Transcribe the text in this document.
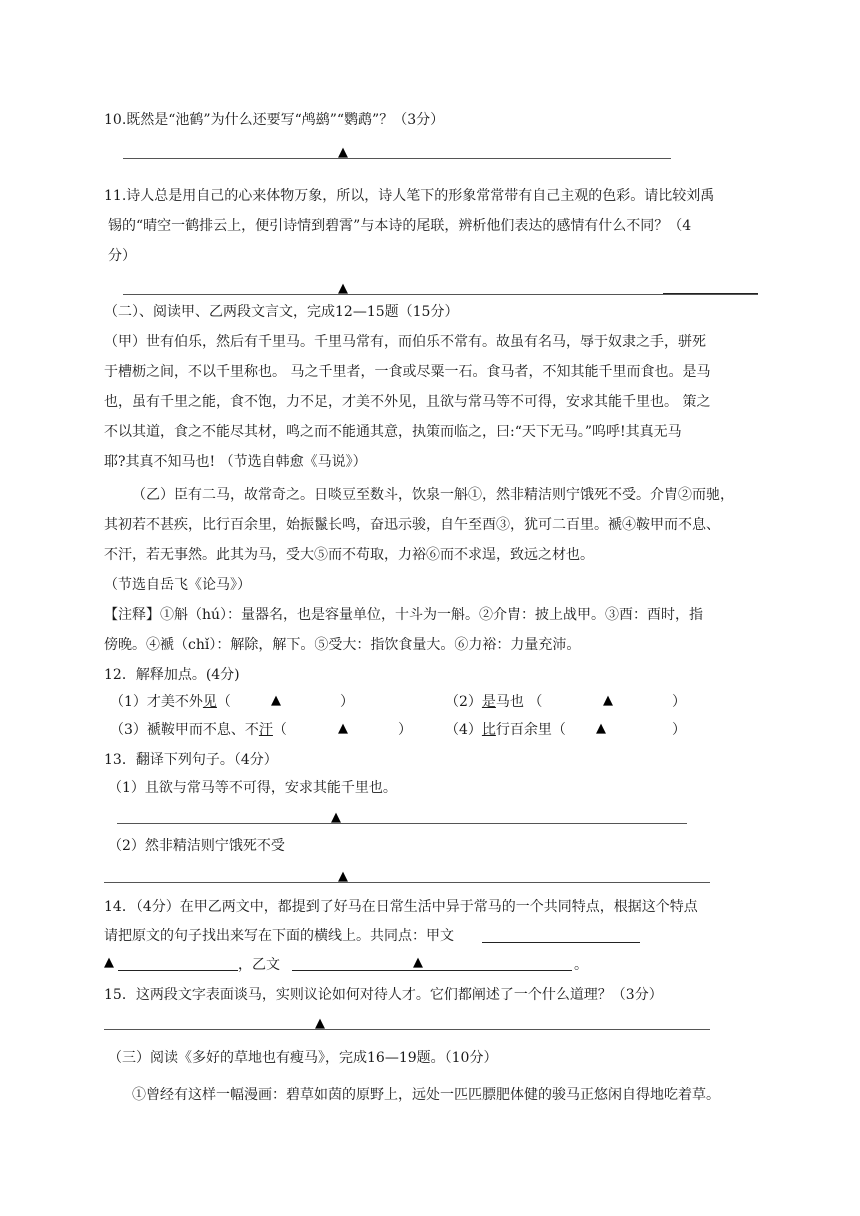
10.既然是“池鹤”为什么还要写“鸬鹚”“鹦鹉”？（3分）
▲
11.诗人总是用自己的心来体物万象，所以，诗人笔下的形象常常带有自己主观的色彩。请比较刘禹
锡的“晴空一鹤排云上，便引诗情到碧霄”与本诗的尾联，辨析他们表达的感情有什么不同？（4
分）
▲
（二）、阅读甲、乙两段文言文，完成12—15题（15分）
（甲）世有伯乐，然后有千里马。千里马常有，而伯乐不常有。故虽有名马，辱于奴隶之手，骈死
于槽枥之间，不以千里称也。 马之千里者，一食或尽粟一石。食马者，不知其能千里而食也。是马
也，虽有千里之能，食不饱，力不足，才美不外见，且欲与常马等不可得，安求其能千里也。 策之
不以其道，食之不能尽其材，鸣之而不能通其意，执策而临之，曰:“天下无马。”呜呼!其真无马
耶?其真不知马也! （节选自韩愈《马说》）
（乙）臣有二马，故常奇之。日啖豆至数斗，饮泉一斛①，然非精洁则宁饿死不受。介胄②而驰，
其初若不甚疾，比行百余里，始振鬣长鸣，奋迅示骏，自午至酉③，犹可二百里。褫④鞍甲而不息、
不汗，若无事然。此其为马，受大⑤而不苟取，力裕⑥而不求逞，致远之材也。
（节选自岳飞《论马》）
【注释】①斛（hú）：量器名，也是容量单位，十斗为一斛。②介胄：披上战甲。③酉：酉时，指
傍晚。④褫（chǐ）：解除，解下。⑤受大：指饮食量大。⑥力裕：力量充沛。
12．解释加点。(4分)
（1）才美不外见（	▲	）	（2）是马也 （	▲	）
（3）褫鞍甲而不息、不汗（	▲	） （4）比行百余里（ ▲	）
13．翻译下列句子。（4分）
（1）且欲与常马等不可得，安求其能千里也。
▲
（2）然非精洁则宁饿死不受
▲
14．（4分）在甲乙两文中，都提到了好马在日常生活中异于常马的一个共同特点，根据这个特点
请把原文的句子找出来写在下面的横线上。共同点：甲文
▲	，乙文	▲	。
15．这两段文字表面谈马，实则议论如何对待人才。它们都阐述了一个什么道理？（3分）
▲
（三）阅读《多好的草地也有瘦马》，完成16—19题。（10分）
①曾经有这样一幅漫画：碧草如茵的原野上，远处一匹匹膘肥体健的骏马正悠闲自得地吃着草。
